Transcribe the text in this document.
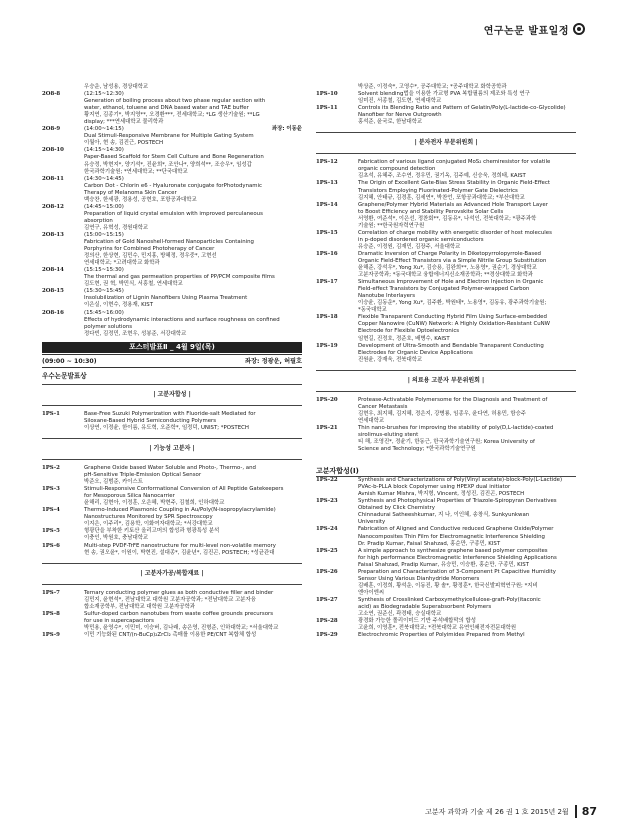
연구논문 발표일정
우승운, 남성용, 경상대학교
2O8-8	(12:15~12:30)
Generation of boiling process about two phase regular section with
water, ethanol, toluene and DNA based water and TAE buffer
황지연, 김종기*, 박지영**, 오경환***, 전세대학교; *LG 생산기술원; **LG
display; ***연세대학교 물리학과
2O8-9	(14:00~14:15)	좌장: 이동윤
Dual Stimuli-Responsive Membrane for Multiple Gating System
이월아, 현 송, 김진근, POSTECH
2O8-10	(14:15~14:30)
Paper-Based Scaffold for Stem Cell Culture and Bone Regeneration
유승정, 박현지*, 양기석*, 진윤희*, 조안나*, 양희석**, 조승우*, 임성갑
한국과학기술원; *연세대학교; **단국대학교
2O8-11	(14:30~14:45)
Carbon Dot - Chlorin e6 - Hyaluronate conjugate forPhotodynamic
Therapy of Melanoma Skin Cancer
백승찬, 한세광, 정용성, 공현호, 포항공과대학교
2O8-12	(14:45~15:00)
Preparation of liquid crystal emulsion with improved perculaneous
absorption
김연구, 유혁성, 경원대학교
2O8-13	(15:00~15:15)
Fabrication of Gold Nanoshell-formed Nanoparticles Containing
Porphyrins for Combined Photoherapy of Cancer
정의산, 한상현, 김민수, 민지홍, 방혜정, 정우중*, 고현선
연세대학교; *고려대학교 화학과
2O8-14	(15:15~15:30)
The thermal and gas permeation properties of PP/PCM composite films
김도현, 권 혁, 박민식, 서흥철, 연세대학교
2O8-15	(15:30~15:45)
Insolubilization of Lignin Nanofibers Using Plasma Treatment
이은실, 이현수, 정용재, KIST
2O8-16	(15:45~16:00)
Effects of hydrodynamic interactions and surface roughness on confined
polymer solutions
정다빈, 김정민, 조현우, 성봉준, 서강대학교
포스터발표Ⅱ _ 4월 9일(목)
(09:00 ~ 10:30)	좌장: 정광운, 허필호
우수논문발표상
| 고분자합성 |
1PS-1	Base-Free Suzuki Polymerization with Fluoride-salt Mediated for
Siloxane-Based Hybrid Semiconducting Polymers
이상연, 이정윤, 한이름, 유도혁, 오준학*, 임정덕, UNIST; *POSTECH
| 기능성 고분자 |
1PS-2	Graphene Oxide based Water Soluble and Photo-, Thermo-, and
pH-Sensitive Triple-Emission Optical Sensor
박준오, 김범준, 카이스트
1PS-3	Stimuli-Responsive Conformational Conversion of All Peptide Gatekeepers
for Mesoporous Silica Nanocarrier
윤해리, 김현아, 이정훈, 오은혜, 박현주, 김철희, 인하대학교
1PS-4	Thermo-Induced Plasmonic Coupling in Au/Poly(N-isopropylacrylamide)
Nanostructures Monitored by SPR Spectroscopy
이지은, 이주리*, 김용학, 이화여자대학교; *서강대학교
1PS-5	형광단을 부착한 키토산 올리고머의 합성과 형광특성 분석
이충인, 박원호, 충남대학교
1PS-6	Multi-step PVDF-TrFE nanostructure for multi-level non-volatile memory
현 송, 권오윤*, 이원이, 박현진, 설대종*, 김윤년*, 김진곤, POSTECH; *성균관대
| 고분자가공/복합재료 |
1PS-7	Ternary conducting polymer glues as both conductive filler and binder
김민지, 윤현석*, 전남대학교 대학원 고분자공학과; *전남대학교 고분자융
합소재공학부, 전남대학교 대학원 고분자공학과
1PS-8	Sulfur-doped carbon nanotubes from waste coffee grounds precursors
for use in supercapacitors
박민용, 윤영수*, 이민미, 이승버, 김나래, 송은영, 진형준, 인하대학교; *서울대학교
1PS-9	이민 기능화된 CNT/(n-BuCp)₂ZrCl₂ 촉매를 이용한 PE/CNT 복합체 합성
박상준, 이정숙*, 고영수*, 공주대학교; *공주대학교 화학공학과
1PS-10	Solvent blending법을 이용한 가교형 PVA 복합필름의 제조와 특성 연구
임미진, 서종철, 김도현, 연세대학교
1PS-11	Controls its Blending Ratio and Pattern of Gelatin/Poly(L-lactide-co-Glycolide)
Nanofiber for Nerve Outgrowth
홍석준, 윤국로, 한남대학교
| 분자전자 부문위원회 |
1PS-12	Fabrication of various ligand conjugated MoS₂ chemiresistor for volatile
organic compound detection
김초석, 유혜주, 조수연, 정우민, 권기옥, 김주예, 신승욱, 정희태, KAIST
1PS-13	The Origin of Excellent Gate-Bias Stress Stability in Organic Field-Effect
Transistors Employing Fluorinated-Polymer Gate Dielectrics
김지혜, 안태규, 김경훈, 김세연*, 박찬언, 포항공과대학교; *부산대학교
1PS-14	Graphene/Polymer Hybrid Materials as Advanced Hole Transport Layer
to Boost Efficiency and Stability Perovskite Solar Cells
서영환, 여준석*, 이은선, 정찬회**, 김동유*, 나석인, 전북대학교; *광주과학
기술원; **한국원자력연구원
1PS-15	Correlation of charge mobility with energetic disorder of host molecules
in p-doped disordered organic semiconductors
유승준, 이정원, 김재민, 김장주, 서울대학교
1PS-16	Dramatic Inversion of Charge Polarity in Diketopyrrolopyrrole-Based
Organic Field-Effect Transistors via a Simple Nitrile Group Substitution
윤해준, 강석우*, Yong Xu*, 김승용, 김완희**, 노용영*, 권순기, 경상대학교
고분자공학과; *동국대학교 융합에너지신소재공학과; **경상대학교 화학과
1PS-17	Simultaneous Improvement of Hole and Electron Injection in Organic
Field-effect Transistors by Conjugated Polymer-wrapped Carbon
Nanotube Interlayers
이승윤, 김동운*, Yong Xu*, 김주환, 박원태*, 노용영*, 김동유, 광주과학기술원;
*동국대학교
1PS-18	Flexible Transparent Conducting Hybrid Film Using Surface-embedded
Copper Nanowire (CuNW) Network: A Highly Oxidation-Resistant CuNW
Electrode for Flexible Optoelectronics
임현길, 진정호, 정준호, 배병수, KAIST
1PS-19	Development of Ultra-Smooth and Bendable Transparent Conducting
Electrodes for Organic Device Applications
진원윤, 강재욱, 전북대학교
| 의료용 고분자 부문위원회 |
1PS-20	Protease-Activatable Polymersome for the Diagnosis and Treatment of
Cancer Metastasis
김현우, 최지혜, 김지혜, 정은지, 강병룡, 임종우, 윤다연, 허용민, 함승주
연세대학교
1PS-21	Thin nano-brushes for improving the stability of poly(D,L-lactide)-coated
sirolimus-eluting stent
티 해, 조영진*, 정윤기, 한동근, 한국과학기술연구원; Korea University of
Science and Technology; *한국과학기술연구원
고분자합성(Ⅰ)
1PS-22	Synthesis and Characterizations of Poly(Vinyl acetate)-block-Poly(L-Lactide)
PVAc-b-PLLA block Copolymer using HPEXP dual initiator
Avnish Kumar Mishra, 박지형, Vincent, 정성진, 김진곤, POSTECH
1PS-23	Synthesis and Photophysical Properties of Triazole-Spiropyran Derivatives
Obtained by Click Chemistry
Chinnadurai Satheeshkumar, 지 나, 이인혜, 송창식, Sunkyunkwan
University
1PS-24	Fabrication of Aligned and Conductive reduced Graphene Oxide/Polymer
Nanocomposites Thin Film for Electromagnetic Interference Shielding
Dr. Pradip Kumar, Faisal Shahzad, 홍순만, 구종민, KIST
1PS-25	A simple approach to synthesize graphene based polymer composites
for high performance Electromagnetic Interference Shielding Applications
Faisal Shahzad, Pradip Kumar, 유승민, 이승환, 홍순만, 구종민, KIST
1PS-26	Preparation and Characterization of 3-Component Pt Capacitive Humidity
Sensor Using Various Dianhydride Monomers
김배훈, 이정희, 황석운, 이동진, 황 솔*, 황정훈*, 한국신발피혁연구원; *지비
엔아이엔씨
1PS-27	Synthesis of Crosslinked Carboxymethylcellulose-graft-Poly(itaconic
acid) as Biodegradable Superabsorbent Polymers
고소연, 권준신, 곽경태, 승실대학교
1PS-28	광경화 가능한 폴리이미드 기반 주석배합막의 합성
고윤희, 이영훈*, 전북대학교; *전북대학교 유연인쇄전자전문대학원
1PS-29	Electrochromic Properties of Polyimides Prepared from Methyl
고분자 과학과 기술 제 26 권 1 호 2015년 2월	87
